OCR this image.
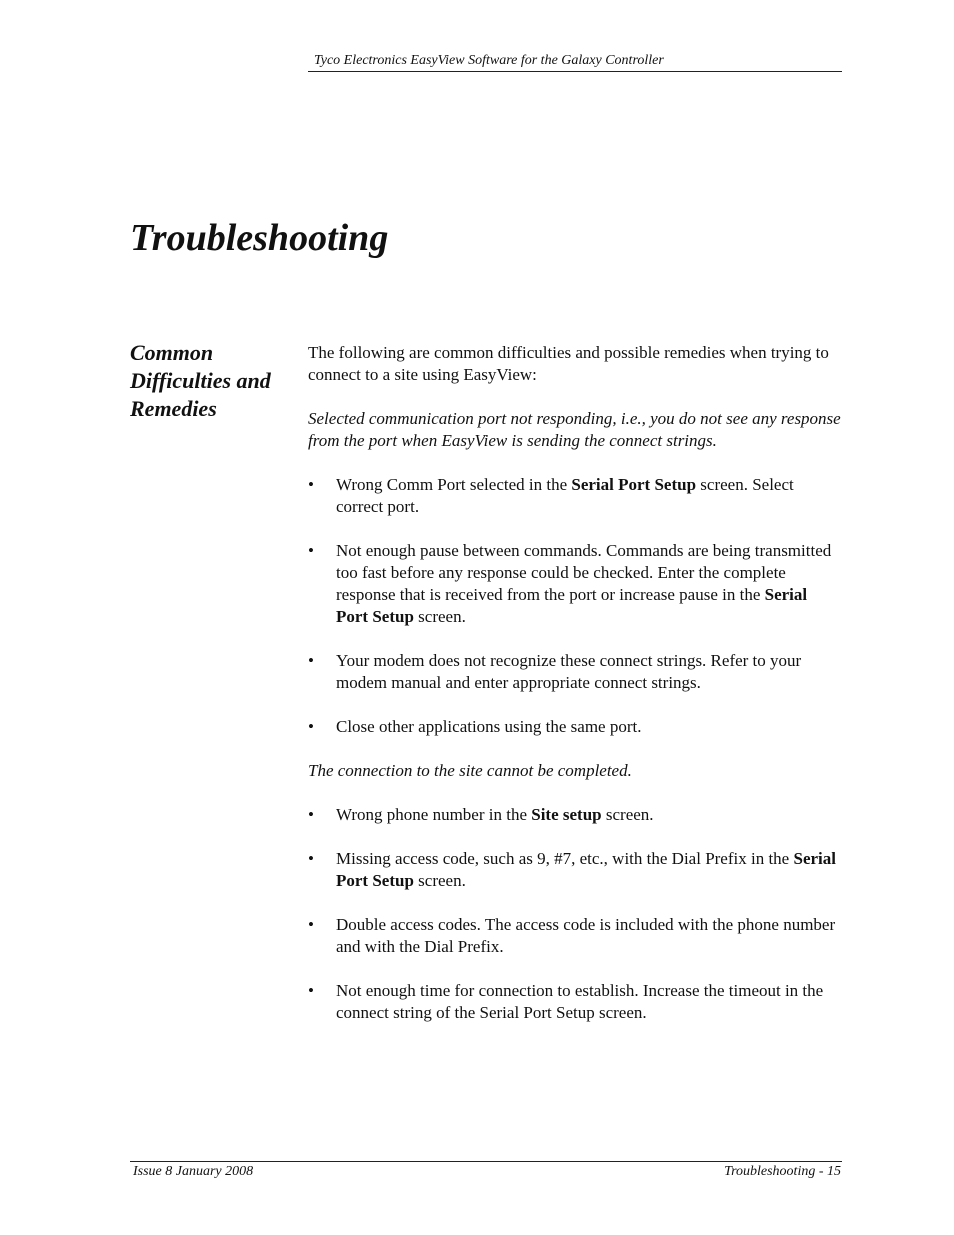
Tyco Electronics EasyView Software for the Galaxy Controller
Troubleshooting
Common
Difficulties and
Remedies

The following are common difficulties and possible remedies when trying to connect to a site using EasyView:

Selected communication port not responding, i.e., you do not see any response from the port when EasyView is sending the connect strings.

•	Wrong Comm Port selected in the Serial Port Setup screen. Select correct port.

•	Not enough pause between commands. Commands are being transmitted too fast before any response could be checked. Enter the complete response that is received from the port or increase pause in the Serial Port Setup screen.

•	Your modem does not recognize these connect strings. Refer to your modem manual and enter appropriate connect strings.

•	Close other applications using the same port.

The connection to the site cannot be completed.

•	Wrong phone number in the Site setup screen.

•	Missing access code, such as 9, #7, etc., with the Dial Prefix in the Serial Port Setup screen.

•	Double access codes. The access code is included with the phone number and with the Dial Prefix.

•	Not enough time for connection to establish. Increase the timeout in the connect string of the Serial Port Setup screen.

Issue 8 January 2008	Troubleshooting - 15
